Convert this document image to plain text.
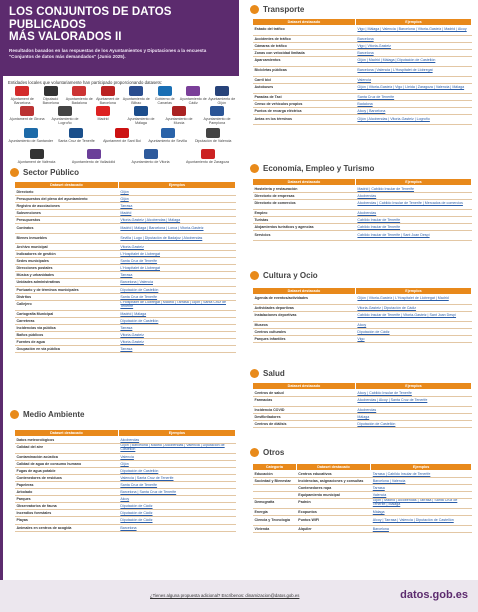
LOS CONJUNTOS DE DATOS PUBLICADOS
MÁS VALORADOS II

Resultados basados en las respuestas de los Ayuntamientos y Diputaciones a la encuesta "Conjuntos de datos más demandados" (Junio 2025).

Entidades locales que voluntariamente han participado proporcionando datasets:
Ajuntament de Barcelona
Diputació Barcelona
Ayuntamiento de Badalona
Ajuntament de Barcelona
Ayuntamiento de Bilbao
Gobierno de Canarias
Ayuntamiento de Cádiz
Ayuntamiento de Gijón
Ajuntament de Girona	Ayuntamiento de Logroño
Madrid	Ayuntamiento de Málaga
Ayuntamiento de Murcia
Ayuntamiento de Pamplona
Ayuntamiento de Santander	Santa Cruz de Tenerife	Ajuntament de Sant Boi	Ayuntamiento de Sevilla	Diputación de Valencia
Ajuntament de València	Ayuntamiento de Valladolid	Ayuntamiento de Vitoria	Ayuntamiento de Zaragoza
Sector Público
Dataset destacado	Ejemplos
Directorio	Gijón
Presupuestos del pleno del ayuntamiento	Gijón
Registro de asociaciones	Tarrasa
Subvenciones	Madrid
Presupuestos	Vitoria-Gasteiz | Alcobendas | Málaga
Contratos	Madrid | Málaga | Barcelona | Lorca | Vitoria-Gasteiz
Bienes inmuebles	Sevilla | Lugo | Diputación de Badajoz | Alcobendas
Archivo municipal	Vitoria-Gasteiz
Indicadores de gestión	L'Hospitalet de Llobregat
Sedes municipales	Santa Cruz de Tenerife
Direcciones postales	L'Hospitalet de Llobregat
Música y urbanidades	Tarrasa
Unidades administrativas	Barcelona | Valencia
Portuario y de términos municipales	Diputación de Castellón
Distritos	Santa Cruz de Tenerife
Callejero	L'Hospitalet de Llobregat | Madrid | Tarrasa | Gijón | Santa Cruz de Tenerife
Cartografía Municipal	Madrid | Málaga
Carreteras	Diputación de Castellón
Incidencias vía pública	Tarrasa
Baños públicos	Vitoria-Gasteiz
Fuentes de agua	Vitoria-Gasteiz
Ocupación en vía pública	Tarrasa
Medio Ambiente
Dataset destacado	Ejemplos
Datos meteorológicos	Alcobendas
Calidad del aire	Gijón | Barcelona | Madrid | Alcobendas | Valencia | Diputación de Castellón
Contaminación acústica	Valencia
Calidad de agua de consumo humano	Gijón
Fugas de agua potable	Diputación de Castellón
Contenedores de residuos	Valencia | Santa Cruz de Tenerife
Papeleras	Santa Cruz de Tenerife
Arbolado	Barcelona | Santa Cruz de Tenerife
Parques	Alcoy
Observatorios de fauna	Diputación de Cádiz
Incendios forestales	Diputación de Cádiz
Playas	Diputación de Cádiz
Animales en centros de acogida	Barcelona
Transporte
Dataset destacado	Ejemplos
Estado del tráfico	Vigo | Málaga | Valencia | Barcelona | Vitoria-Gasteiz | Madrid | Alcoy
Accidentes de tráfico	Barcelona
Cámaras de tráfico	Vigo | Vitoria-Gasteiz
Zonas con velocidad limitada	Barcelona
Aparcamientos	Gijón | Madrid | Málaga | Diputación de Castellón
Bicicletas públicas	Barcelona | Valencia | L'Hospitalet de Llobregat
Carril bici	Valencia
Autobuses	Gijón | Vitoria-Gasteiz | Vigo | Lleida | Zaragoza | Valencia | Málaga
Paradas de Taxi	Santa Cruz de Tenerife
Censo de vehículos propios	Badalona
Puntos de recarga eléctrica	Alcoy | Barcelona
Antas en los términos	Gijón | Alcobendas | Vitoria-Gasteiz | Logroño
Economía, Empleo y Turismo
Dataset destacado	Ejemplos
Hostelería y restauración	Madrid | Cabildo Insular de Tenerife
Directorio de empresas	Alcobendas
Directorio de comercios	Alcobendas | Cabildo Insular de Tenerife | Mercados de comercios
Empleo	Alcobendas
Turistas	Cabildo Insular de Tenerife
Alojamientos turísticos y agencias	Cabildo Insular de Tenerife
Servicios	Cabildo Insular de Tenerife | Sant Joan Despí
Cultura y Ocio
Dataset destacado	Ejemplos
Agenda de eventos/actividades	Gijón | Vitoria-Gasteiz | L'Hospitalet de Llobregat | Madrid
Actividades deportivas	Vitoria-Gasteiz | Diputación de Cádiz
Instalaciones deportivas	Cabildo Insular de Tenerife | Vitoria-Gasteiz | Sant Joan Despí
Museos	Alcoy
Centros culturales	Diputación de Cádiz
Parques infantiles	Vigo
Salud
Dataset destacado	Ejemplos
Centros de salud	Alcoy | Cabildo Insular de Tenerife
Farmacias	Alcobendas | Alcoy | Santa Cruz de Tenerife
Incidencia COVID	Alcobendas
Desfibriladores	Málaga
Centros de diálisis	Diputación de Castellón
Otros
Categoría	Dataset destacado	Ejemplos
Educación	Centros educativos	Tarrasa | Cabildo Insular de Tenerife
Sociedad y Bienestar	Incidencias, asignaciones y consultas	Barcelona | Valencia
	Contenedores ropa	Tarrasa
	Equipamiento municipal	Valencia
Demografía	Padrón	Gijón | Madrid | Alcobendas | Tarrasa | Santa Cruz de Tenerife | Málaga
Energía	Ecopuntos	Málaga
Ciencia y Tecnología	Puntos WIFI	Alcoy | Tarrasa | Valencia | Diputación de Castellón
Vivienda	Alquiler	Barcelona
¿Tienes alguna propuesta adicional? Escríbenos: dinamizacion@datos.gob.es	datos.gob.es
